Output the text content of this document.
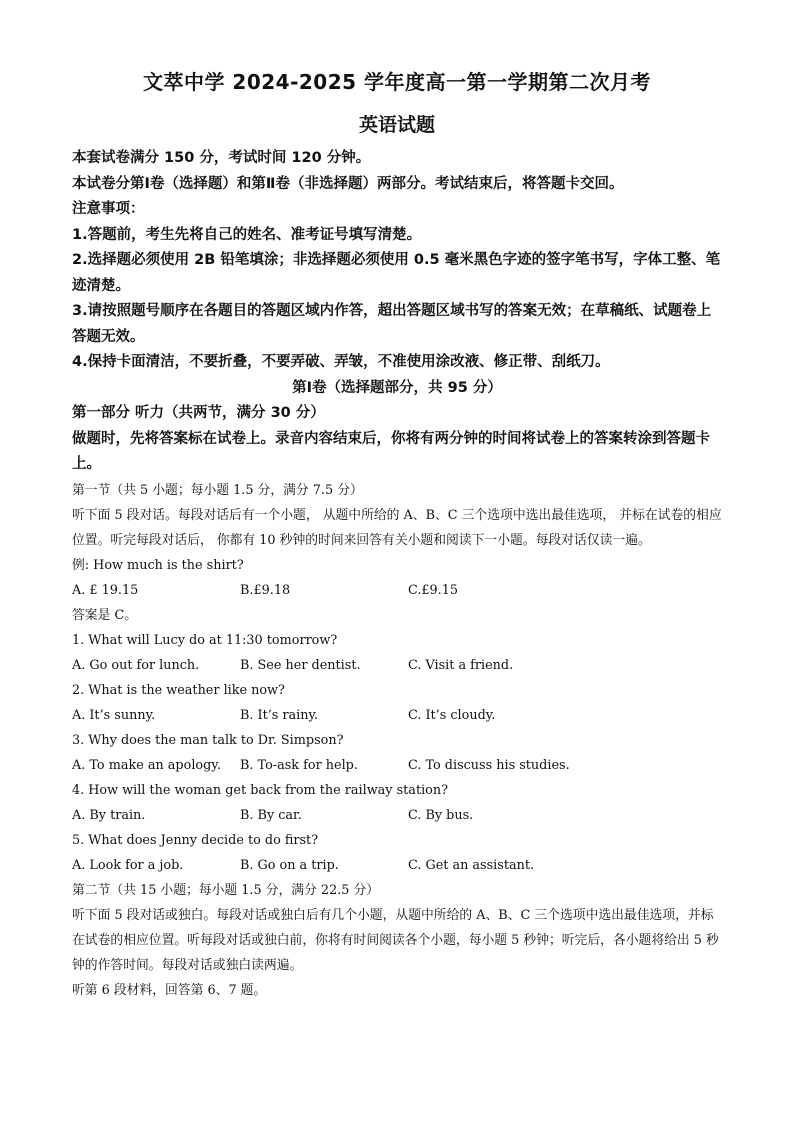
文萃中学 2024-2025 学年度高一第一学期第二次月考
英语试题

本套试卷满分 150 分，考试时间 120 分钟。

本试卷分第Ⅰ卷（选择题）和第Ⅱ卷（非选择题）两部分。考试结束后，将答题卡交回。

注意事项：

1.答题前，考生先将自己的姓名、准考证号填写清楚。

2.选择题必须使用 2B 铅笔填涂；非选择题必须使用 0.5 毫米黑色字迹的签字笔书写，字体工整、笔迹清楚。

3.请按照题号顺序在各题目的答题区域内作答，超出答题区域书写的答案无效；在草稿纸、试题卷上答题无效。

4.保持卡面清洁，不要折叠，不要弄破、弄皱，不准使用涂改液、修正带、刮纸刀。

第Ⅰ卷（选择题部分，共 95 分）

第一部分 听力（共两节，满分 30 分）

做题时，先将答案标在试卷上。录音内容结束后，你将有两分钟的时间将试卷上的答案转涂到答题卡上。

第一节（共 5 小题；每小题 1.5 分，满分 7.5 分）

听下面 5 段对话。每段对话后有一个小题， 从题中所给的 A、B、C 三个选项中选出最佳选项， 并标在试卷的相应位置。听完每段对话后， 你都有 10 秒钟的时间来回答有关小题和阅读下一小题。每段对话仅读一遍。

例: How much is the shirt?

A. £ 19.15	B.£9.18	C.£9.15

答案是 C。

1. What will Lucy do at 11:30 tomorrow?

A. Go out for lunch.	B. See her dentist.	C. Visit a friend.

2. What is the weather like now?

A. It’s sunny.	B. It’s rainy.	C. It’s cloudy.

3. Why does the man talk to Dr. Simpson?

A. To make an apology.	B. To-ask for help.	C. To discuss his studies.

4. How will the woman get back from the railway station?

A. By train.	B. By car.	C. By bus.

5. What does Jenny decide to do first?

A. Look for a job.	B. Go on a trip.	C. Get an assistant.

第二节（共 15 小题；每小题 1.5 分，满分 22.5 分）

听下面 5 段对话或独白。每段对话或独白后有几个小题，从题中所给的 A、B、C 三个选项中选出最佳选项，并标在试卷的相应位置。听每段对话或独白前，你将有时间阅读各个小题，每小题 5 秒钟；听完后，各小题将给出 5 秒钟的作答时间。每段对话或独白读两遍。

听第 6 段材料，回答第 6、7 题。
